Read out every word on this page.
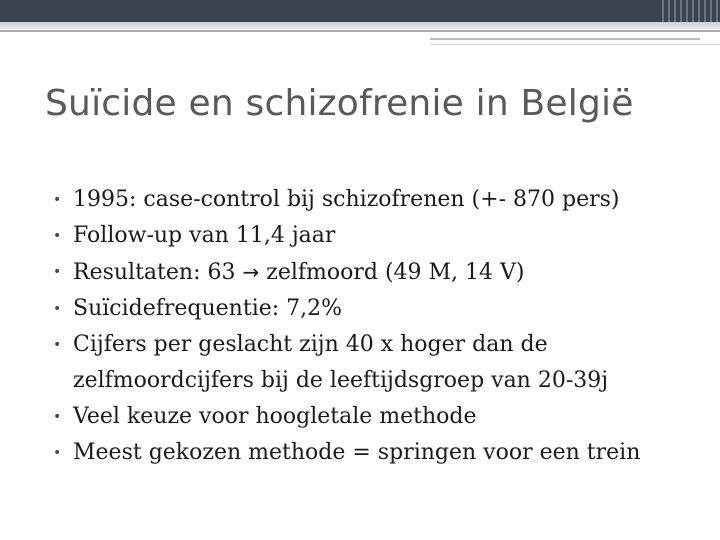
Suïcide en schizofrenie in België
• 1995: case-control bij schizofrenen (+- 870 pers)
• Follow-up van 11,4 jaar
• Resultaten: 63 → zelfmoord (49 M, 14 V)
• Suïcidefrequentie: 7,2%
• Cijfers per geslacht zijn 40 x hoger dan de zelfmoordcijfers bij de leeftijdsgroep van 20-39j
• Veel keuze voor hoogletale methode
• Meest gekozen methode = springen voor een trein
